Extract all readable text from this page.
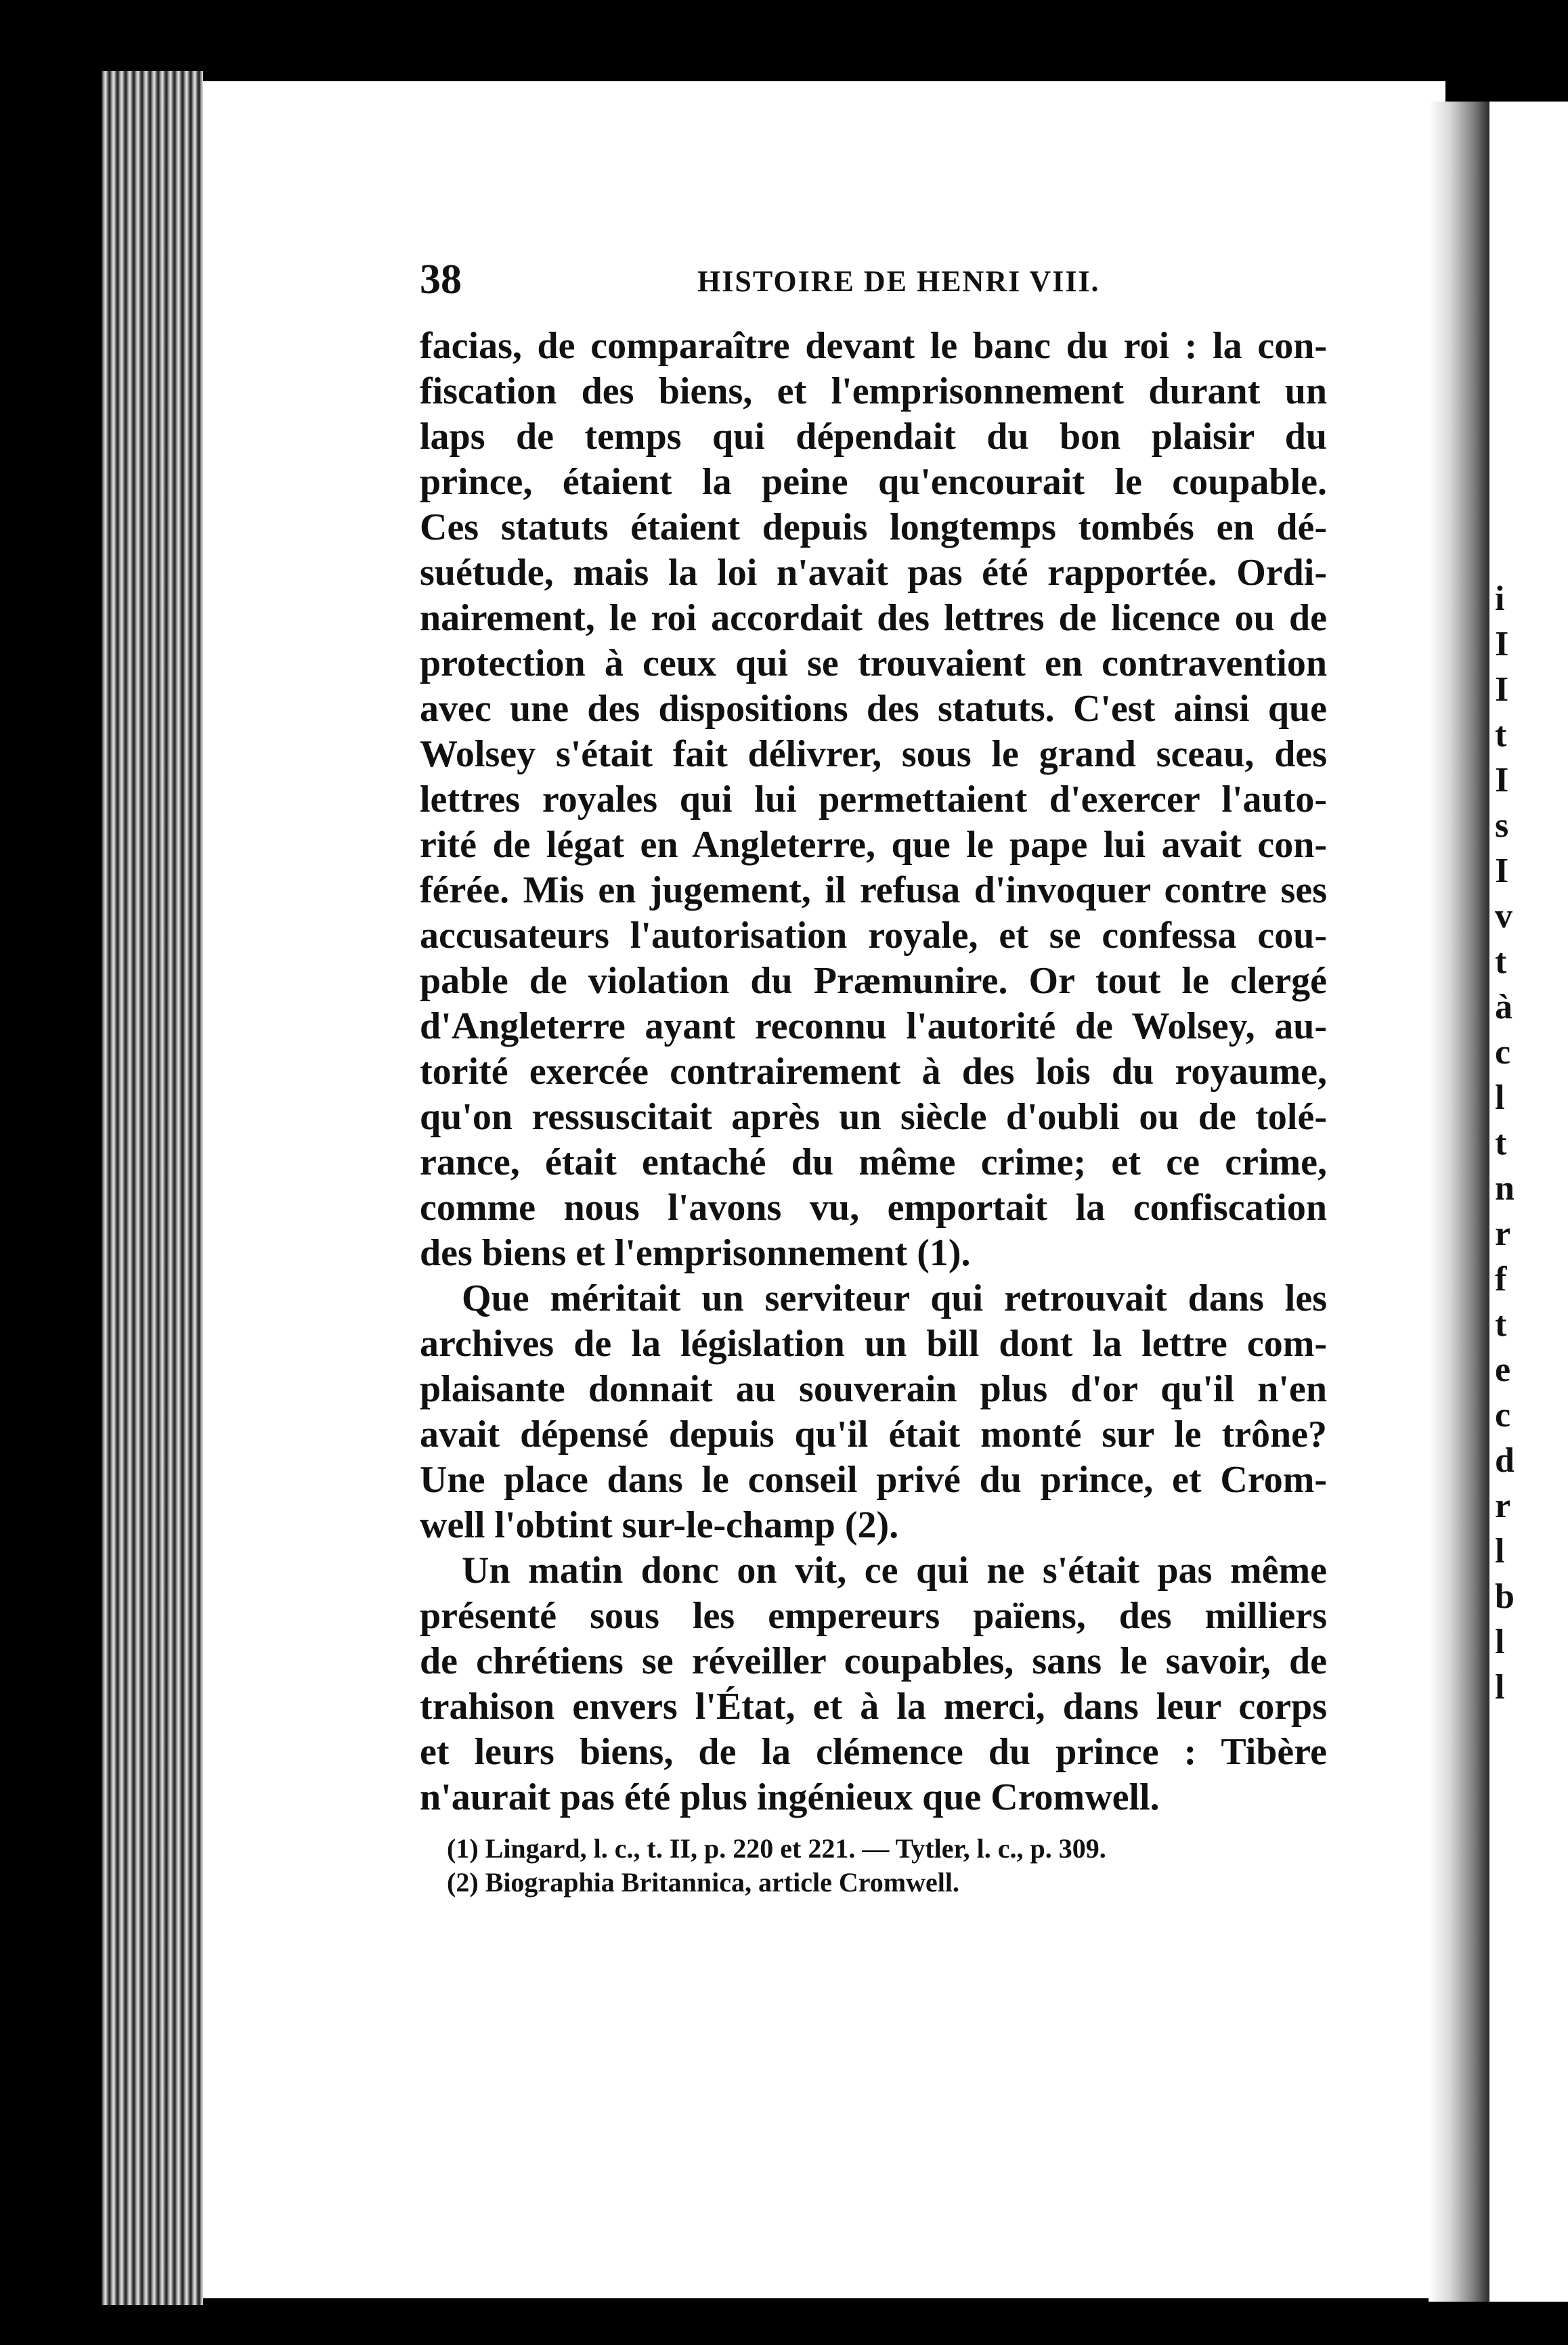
38	HISTOIRE DE HENRI VIII.
facias, de comparaître devant le banc du roi : la con-
fiscation des biens, et l'emprisonnement durant un
laps de temps qui dépendait du bon plaisir du
prince, étaient la peine qu'encourait le coupable.
Ces statuts étaient depuis longtemps tombés en dé-
suétude, mais la loi n'avait pas été rapportée. Ordi-
nairement, le roi accordait des lettres de licence ou de
protection à ceux qui se trouvaient en contravention
avec une des dispositions des statuts. C'est ainsi que
Wolsey s'était fait délivrer, sous le grand sceau, des
lettres royales qui lui permettaient d'exercer l'auto-
rité de légat en Angleterre, que le pape lui avait con-
férée. Mis en jugement, il refusa d'invoquer contre ses
accusateurs l'autorisation royale, et se confessa cou-
pable de violation du Præmunire. Or tout le clergé
d'Angleterre ayant reconnu l'autorité de Wolsey, au-
torité exercée contrairement à des lois du royaume,
qu'on ressuscitait après un siècle d'oubli ou de tolé-
rance, était entaché du même crime; et ce crime,
comme nous l'avons vu, emportait la confiscation
des biens et l'emprisonnement (1).
Que méritait un serviteur qui retrouvait dans les
archives de la législation un bill dont la lettre com-
plaisante donnait au souverain plus d'or qu'il n'en
avait dépensé depuis qu'il était monté sur le trône?
Une place dans le conseil privé du prince, et Crom-
well l'obtint sur-le-champ (2).
Un matin donc on vit, ce qui ne s'était pas même
présenté sous les empereurs païens, des milliers
de chrétiens se réveiller coupables, sans le savoir, de
trahison envers l'État, et à la merci, dans leur corps
et leurs biens, de la clémence du prince : Tibère
n'aurait pas été plus ingénieux que Cromwell.
(1) Lingard, l. c., t. II, p. 220 et 221. — Tytler, l. c., p. 309.
(2) Biographia Britannica, article Cromwell.
i
I
I
t
I
s
I
v
t
à
c
l
t
n
r
f
t
e
c
d
r
l
b
l
l
